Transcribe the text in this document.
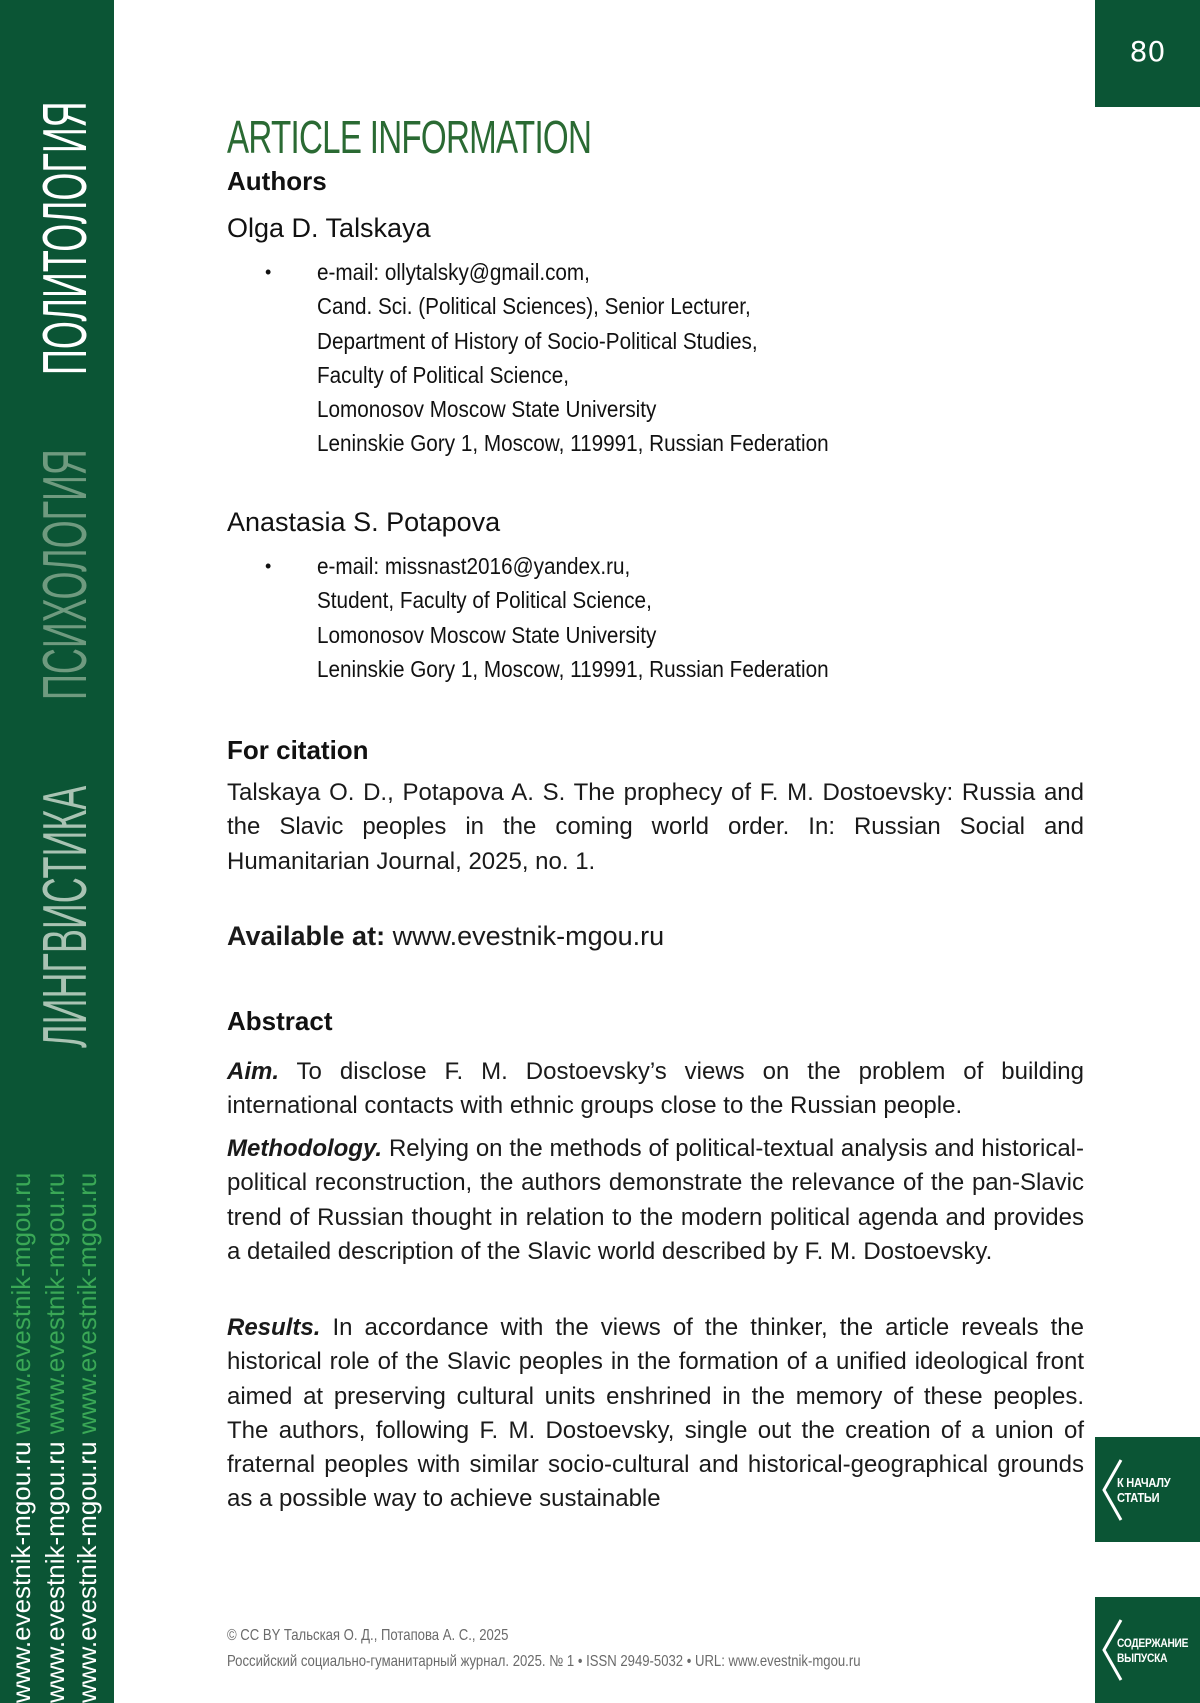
ПОЛИТОЛОГИЯ
ПСИХОЛОГИЯ
ЛИНГВИСТИКА
www.evestnik-mgou.ru www.evestnik-mgou.ru
www.evestnik-mgou.ru www.evestnik-mgou.ru
www.evestnik-mgou.ru www.evestnik-mgou.ru
80
ARTICLE INFORMATION
Authors
Olga D. Talskaya
• e-mail: ollytalsky@gmail.com,
Cand. Sci. (Political Sciences), Senior Lecturer,
Department of History of Socio-Political Studies,
Faculty of Political Science,
Lomonosov Moscow State University
Leninskie Gory 1, Moscow, 119991, Russian Federation
Anastasia S. Potapova
• e-mail: missnast2016@yandex.ru,
Student, Faculty of Political Science,
Lomonosov Moscow State University
Leninskie Gory 1, Moscow, 119991, Russian Federation
For citation
Talskaya O. D., Potapova A. S. The prophecy of F. M. Dostoevsky: Russia and the Slavic peoples in the coming world order. In: Russian Social and Humanitarian Journal, 2025, no. 1.
Available at: www.evestnik-mgou.ru
Abstract
Aim. To disclose F. M. Dostoevsky’s views on the problem of building international contacts with ethnic groups close to the Russian people.
Methodology. Relying on the methods of political-textual analysis and historical-political reconstruction, the authors demonstrate the relevance of the pan-Slavic trend of Russian thought in relation to the modern political agenda and provides a detailed description of the Slavic world described by F. M. Dostoevsky.
Results. In accordance with the views of the thinker, the article reveals the historical role of the Slavic peoples in the formation of a unified ideological front aimed at preserving cultural units enshrined in the memory of these peoples. The authors, following F. M. Dostoevsky, single out the creation of a union of fraternal peoples with similar socio-cultural and historical-geographical grounds as a possible way to achieve sustainable
К НАЧАЛУ
СТАТЬИ
СОДЕРЖАНИЕ
ВЫПУСКА
© CC BY Тальская О. Д., Потапова А. С., 2025
Российский социально-гуманитарный журнал. 2025. № 1 • ISSN 2949-5032 • URL: www.evestnik-mgou.ru
